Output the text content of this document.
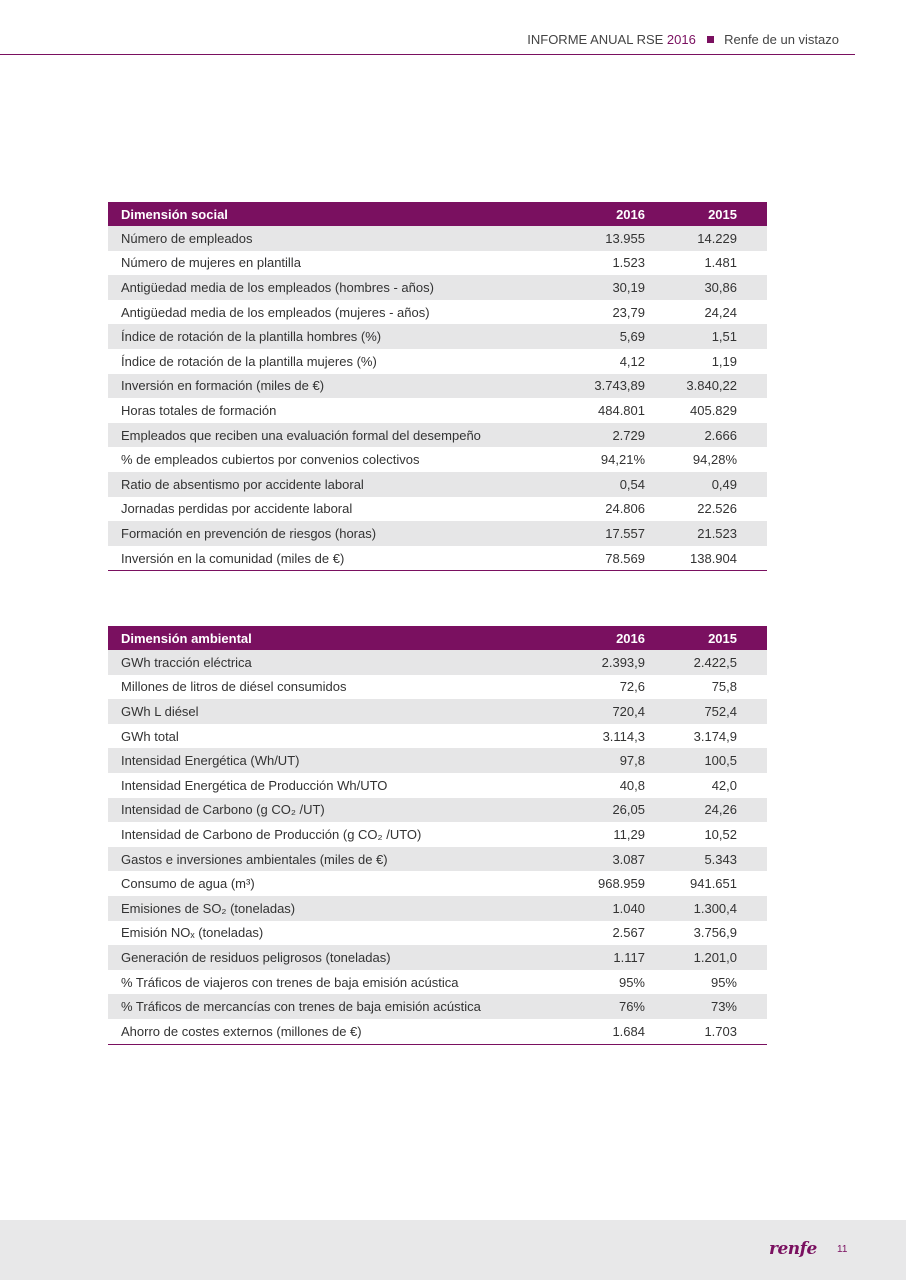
INFORME ANUAL RSE 2016 Renfe de un vistazo
Dimensión social	2016	2015
Número de empleados	13.955	14.229
Número de mujeres en plantilla	1.523	1.481
Antigüedad media de los empleados (hombres - años)	30,19	30,86
Antigüedad media de los empleados (mujeres - años)	23,79	24,24
Índice de rotación de la plantilla hombres (%)	5,69	1,51
Índice de rotación de la plantilla mujeres (%)	4,12	1,19
Inversión en formación (miles de €)	3.743,89	3.840,22
Horas totales de formación	484.801	405.829
Empleados que reciben una evaluación formal del desempeño	2.729	2.666
% de empleados cubiertos por convenios colectivos	94,21%	94,28%
Ratio de absentismo por accidente laboral	0,54	0,49
Jornadas perdidas por accidente laboral	24.806	22.526
Formación en prevención de riesgos (horas)	17.557	21.523
Inversión en la comunidad (miles de €)	78.569	138.904
Dimensión ambiental	2016	2015
GWh tracción eléctrica	2.393,9	2.422,5
Millones de litros de diésel consumidos	72,6	75,8
GWh L diésel	720,4	752,4
GWh total	3.114,3	3.174,9
Intensidad Energética (Wh/UT)	97,8	100,5
Intensidad Energética de Producción Wh/UTO	40,8	42,0
Intensidad de Carbono (g CO₂ /UT)	26,05	24,26
Intensidad de Carbono de Producción (g CO₂ /UTO)	11,29	10,52
Gastos e inversiones ambientales (miles de €)	3.087	5.343
Consumo de agua (m³)	968.959	941.651
Emisiones de SO₂ (toneladas)	1.040	1.300,4
Emisión NOₓ (toneladas)	2.567	3.756,9
Generación de residuos peligrosos (toneladas)	1.117	1.201,0
% Tráficos de viajeros con trenes de baja emisión acústica	95%	95%
% Tráficos de mercancías con trenes de baja emisión acústica	76%	73%
Ahorro de costes externos (millones de €)	1.684	1.703
renfe 11
